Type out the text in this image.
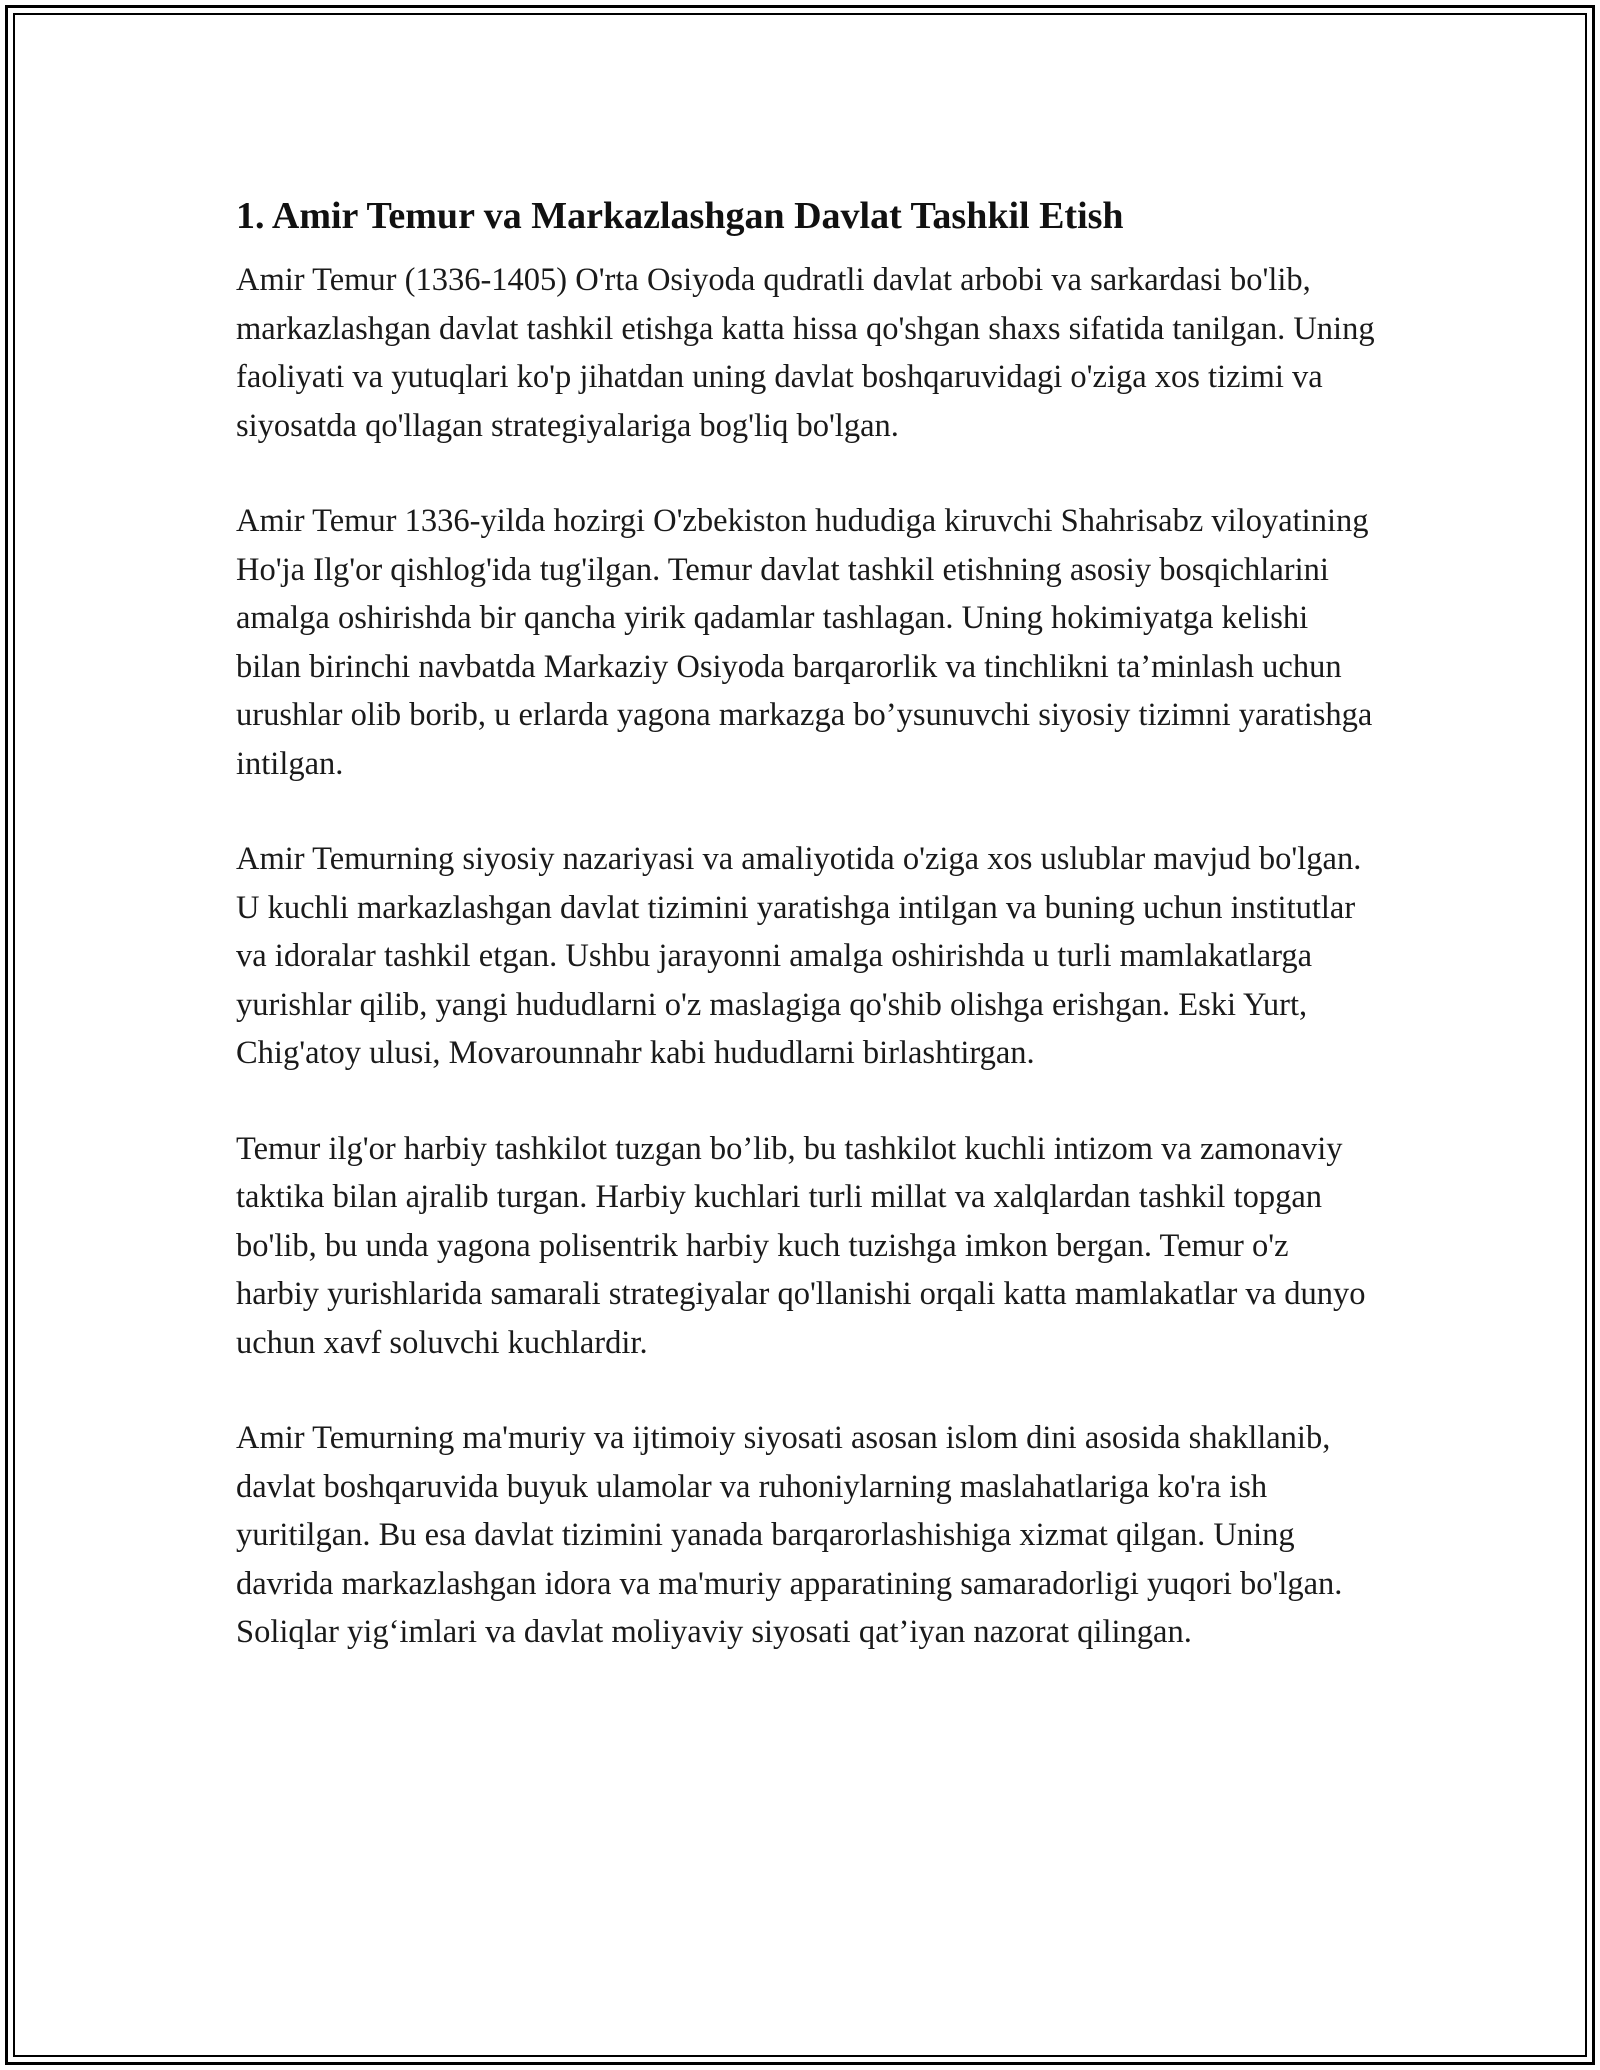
1. Amir Temur va Markazlashgan Davlat Tashkil Etish

Amir Temur (1336-1405) O'rta Osiyoda qudratli davlat arbobi va sarkardasi bo'lib, markazlashgan davlat tashkil etishga katta hissa qo'shgan shaxs sifatida tanilgan. Uning faoliyati va yutuqlari ko'p jihatdan uning davlat boshqaruvidagi o'ziga xos tizimi va siyosatda qo'llagan strategiyalariga bog'liq bo'lgan.

Amir Temur 1336-yilda hozirgi O'zbekiston hududiga kiruvchi Shahrisabz viloyatining Ho'ja Ilg'or qishlog'ida tug'ilgan. Temur davlat tashkil etishning asosiy bosqichlarini amalga oshirishda bir qancha yirik qadamlar tashlagan. Uning hokimiyatga kelishi bilan birinchi navbatda Markaziy Osiyoda barqarorlik va tinchlikni ta’minlash uchun urushlar olib borib, u erlarda yagona markazga bo’ysunuvchi siyosiy tizimni yaratishga intilgan.

Amir Temurning siyosiy nazariyasi va amaliyotida o'ziga xos uslublar mavjud bo'lgan. U kuchli markazlashgan davlat tizimini yaratishga intilgan va buning uchun institutlar va idoralar tashkil etgan. Ushbu jarayonni amalga oshirishda u turli mamlakatlarga yurishlar qilib, yangi hududlarni o'z maslagiga qo'shib olishga erishgan. Eski Yurt, Chig'atoy ulusi, Movarounnahr kabi hududlarni birlashtirgan.

Temur ilg'or harbiy tashkilot tuzgan bo’lib, bu tashkilot kuchli intizom va zamonaviy taktika bilan ajralib turgan. Harbiy kuchlari turli millat va xalqlardan tashkil topgan bo'lib, bu unda yagona polisentrik harbiy kuch tuzishga imkon bergan. Temur o'z harbiy yurishlarida samarali strategiyalar qo'llanishi orqali katta mamlakatlar va dunyo uchun xavf soluvchi kuchlardir.

Amir Temurning ma'muriy va ijtimoiy siyosati asosan islom dini asosida shakllanib, davlat boshqaruvida buyuk ulamolar va ruhoniylarning maslahatlariga ko'ra ish yuritilgan. Bu esa davlat tizimini yanada barqarorlashishiga xizmat qilgan. Uning davrida markazlashgan idora va ma'muriy apparatining samaradorligi yuqori bo'lgan. Soliqlar yig‘imlari va davlat moliyaviy siyosati qat’iyan nazorat qilingan.
